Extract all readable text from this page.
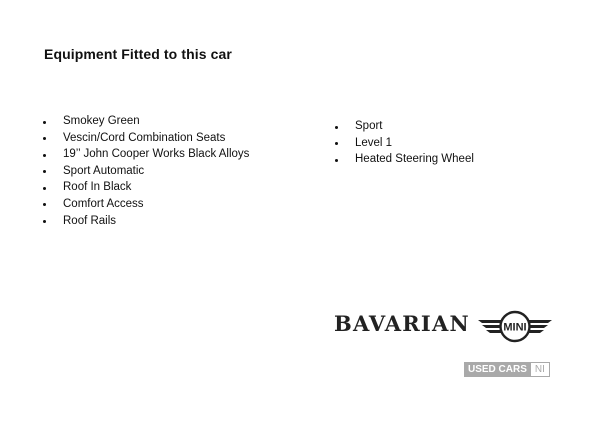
Equipment Fitted to this car
Smokey Green
Vescin/Cord Combination Seats
19’’ John Cooper Works Black Alloys
Sport Automatic
Roof In Black
Comfort Access
Roof Rails
Sport
Level 1
Heated Steering Wheel
BAVARIAN	MINI
USED CARS NI
